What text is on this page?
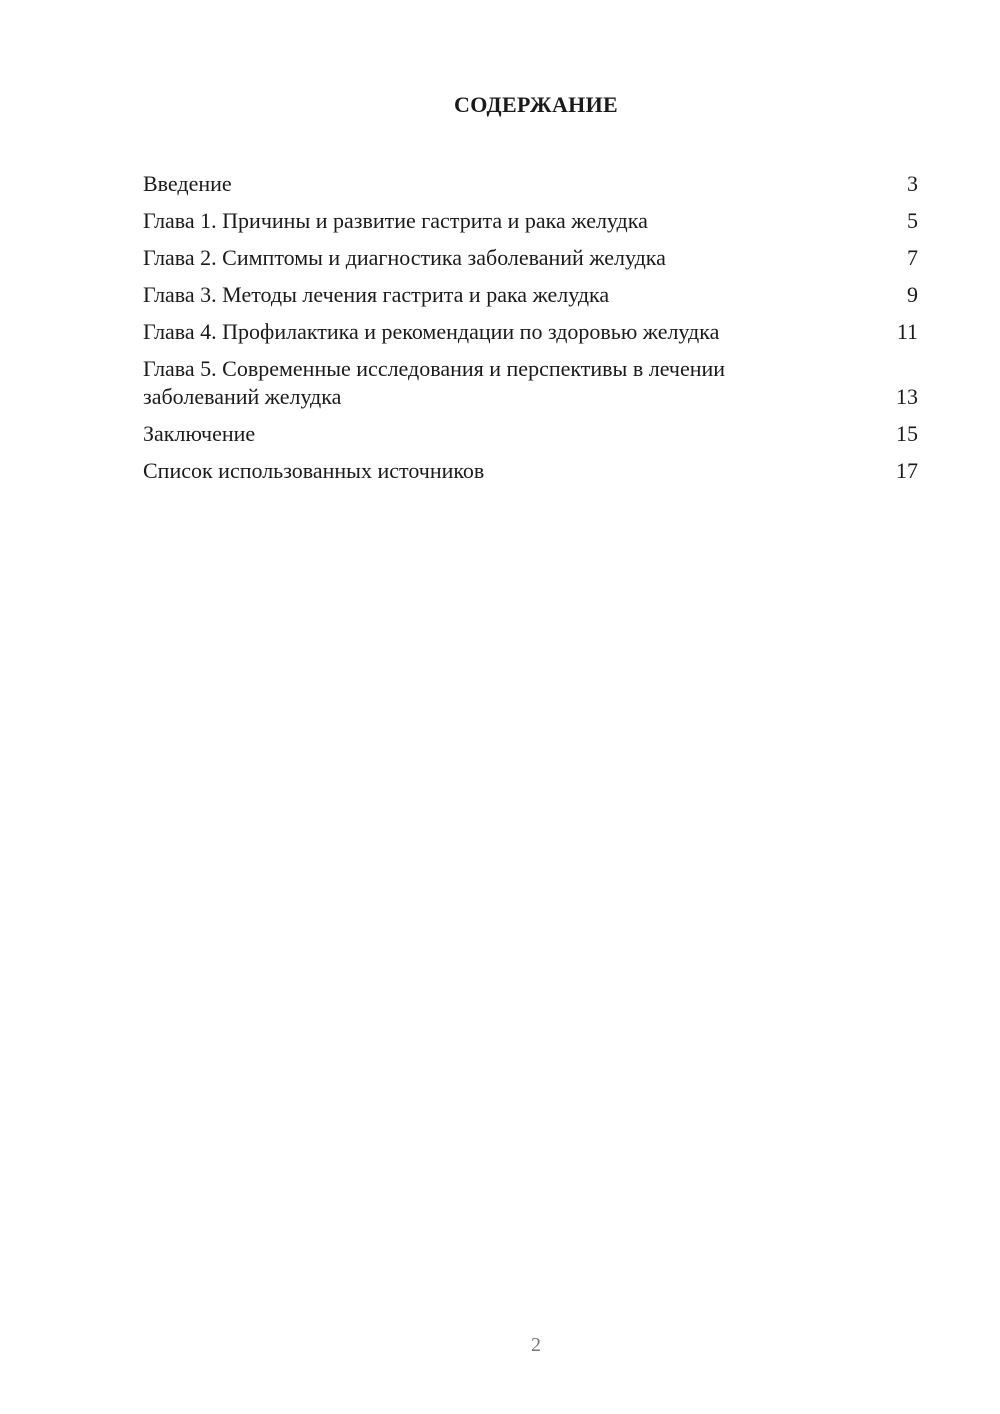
СОДЕРЖАНИЕ
Введение	3
Глава 1. Причины и развитие гастрита и рака желудка	5
Глава 2. Симптомы и диагностика заболеваний желудка	7
Глава 3. Методы лечения гастрита и рака желудка	9
Глава 4. Профилактика и рекомендации по здоровью желудка	11
Глава 5. Современные исследования и перспективы в лечении заболеваний желудка	13
Заключение	15
Список использованных источников	17
2
